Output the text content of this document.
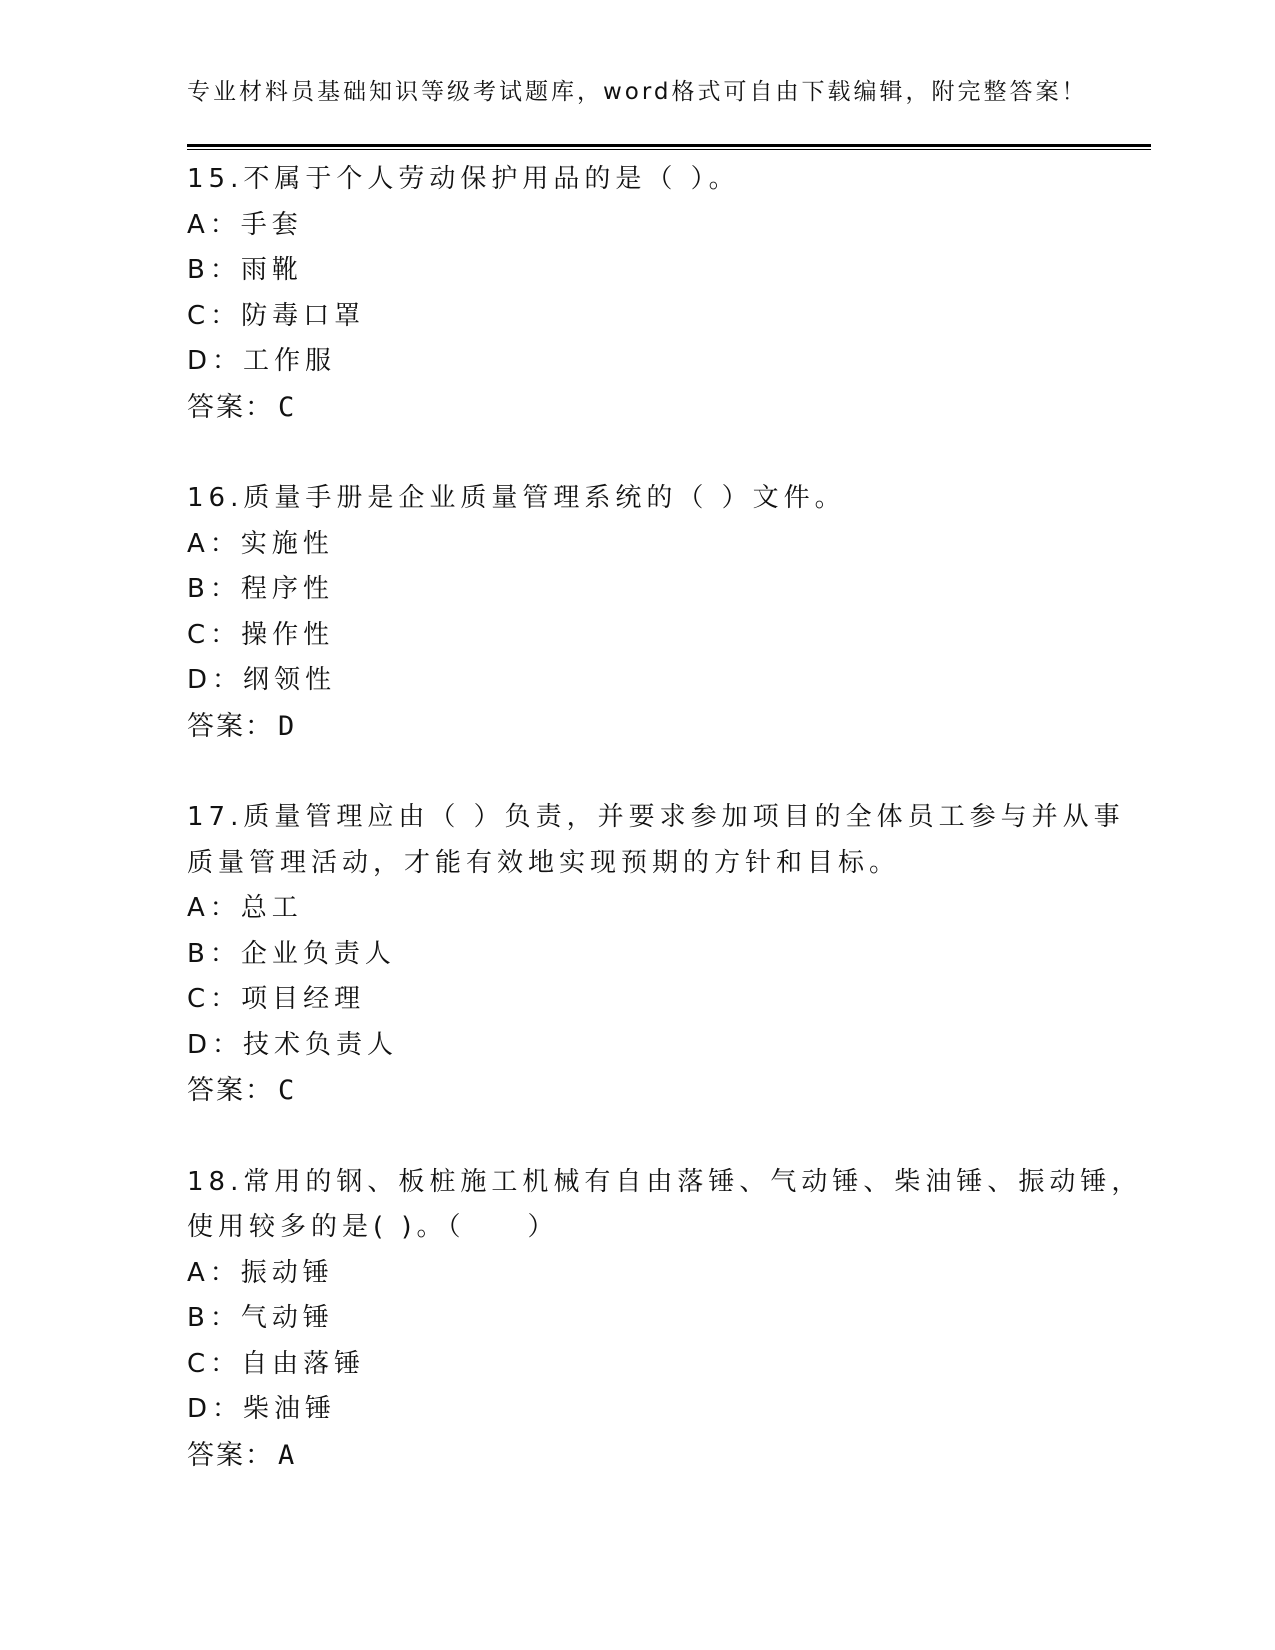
专业材料员基础知识等级考试题库，word格式可自由下载编辑，附完整答案！
15.不属于个人劳动保护用品的是（ ）。
A：手套
B：雨靴
C：防毒口罩
D：工作服
答案： C
16.质量手册是企业质量管理系统的（ ）文件。
A：实施性
B：程序性
C：操作性
D：纲领性
答案： D
17.质量管理应由（ ）负责，并要求参加项目的全体员工参与并从事
质量管理活动，才能有效地实现预期的方针和目标。
A：总工
B：企业负责人
C：项目经理
D：技术负责人
答案： C
18.常用的钢、板桩施工机械有自由落锤、气动锤、柴油锤、振动锤，
使用较多的是( )。（　　）
A：振动锤
B：气动锤
C：自由落锤
D：柴油锤
答案： A
